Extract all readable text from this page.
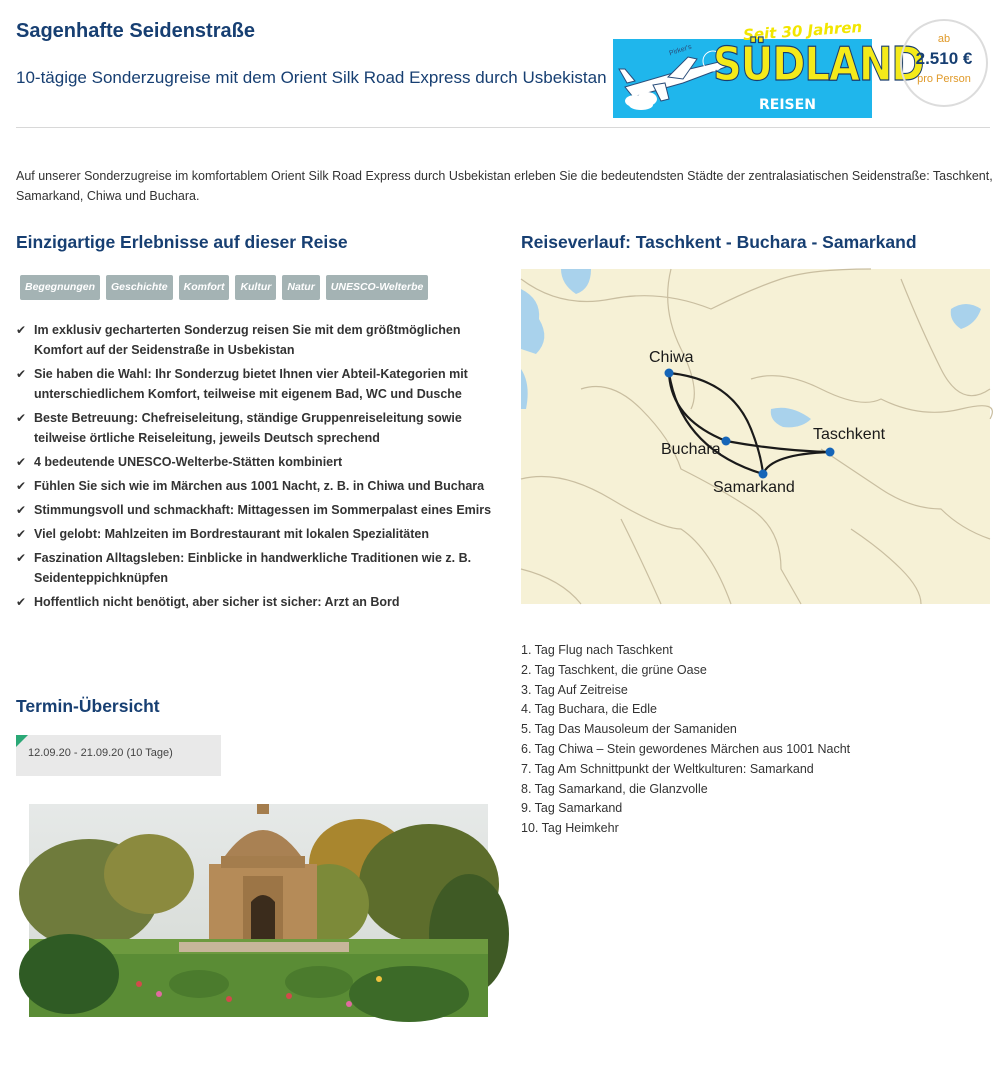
Sagenhafte Seidenstraße
10-tägige Sonderzugreise mit dem Orient Silk Road Express durch Usbekistan
Pirker's
Seit 30 Jahren
SÜDLAND
REISEN Ges.m.b.H.
ab
2.510 €
pro Person

Auf unserer Sonderzugreise im komfortablem Orient Silk Road Express durch Usbekistan erleben Sie die bedeutendsten Städte der zentralasiatischen Seidenstraße: Taschkent, Samarkand, Chiwa und Buchara.

Einzigartige Erlebnisse auf dieser Reise
Begegnungen	Geschichte	Komfort	Kultur	Natur	UNESCO-Welterbe
✔ Im exklusiv gecharterten Sonderzug reisen Sie mit dem größtmöglichen Komfort auf der Seidenstraße in Usbekistan
✔ Sie haben die Wahl: Ihr Sonderzug bietet Ihnen vier Abteil-Kategorien mit unterschiedlichem Komfort, teilweise mit eigenem Bad, WC und Dusche
✔ Beste Betreuung: Chefreiseleitung, ständige Gruppenreiseleitung sowie teilweise örtliche Reiseleitung, jeweils Deutsch sprechend
✔ 4 bedeutende UNESCO-Welterbe-Stätten kombiniert
✔ Fühlen Sie sich wie im Märchen aus 1001 Nacht, z. B. in Chiwa und Buchara
✔ Stimmungsvoll und schmackhaft: Mittagessen im Sommerpalast eines Emirs
✔ Viel gelobt: Mahlzeiten im Bordrestaurant mit lokalen Spezialitäten
✔ Faszination Alltagsleben: Einblicke in handwerkliche Traditionen wie z. B. Seidenteppichknüpfen
✔ Hoffentlich nicht benötigt, aber sicher ist sicher: Arzt an Bord
Termin-Übersicht
12.09.20 - 21.09.20 (10 Tage)
Reiseverlauf: Taschkent - Buchara - Samarkand
Chiwa
Buchara
Taschkent
Samarkand
1. Tag Flug nach Taschkent
2. Tag Taschkent, die grüne Oase
3. Tag Auf Zeitreise
4. Tag Buchara, die Edle
5. Tag Das Mausoleum der Samaniden
6. Tag Chiwa – Stein gewordenes Märchen aus 1001 Nacht
7. Tag Am Schnittpunkt der Weltkulturen: Samarkand
8. Tag Samarkand, die Glanzvolle
9. Tag Samarkand
10. Tag Heimkehr
